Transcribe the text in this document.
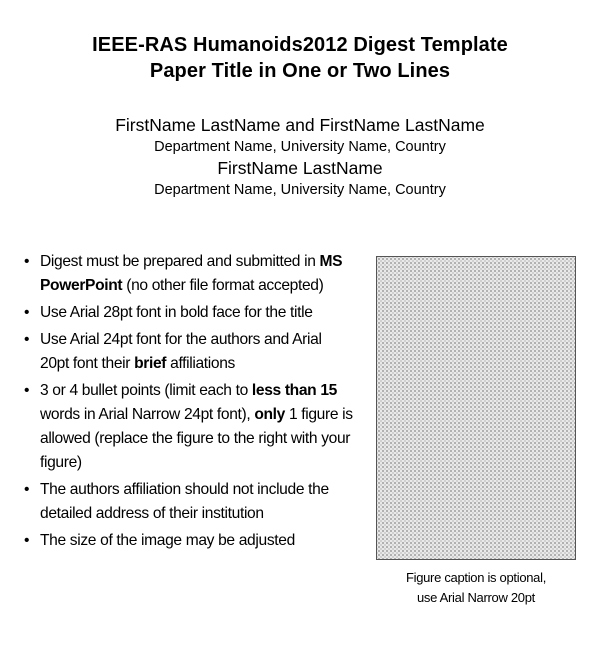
IEEE-RAS Humanoids2012 Digest Template
Paper Title in One or Two Lines
FirstName LastName and FirstName LastName
Department Name, University Name, Country
FirstName LastName
Department Name, University Name, Country
• Digest must be prepared and submitted in MS PowerPoint (no other file format accepted)
• Use Arial 28pt font in bold face for the title
• Use Arial 24pt font for the authors and Arial 20pt font their brief affiliations
• 3 or 4 bullet points (limit each to less than 15 words in Arial Narrow 24pt font), only 1 figure is allowed (replace the figure to the right with your figure)
• The authors affiliation should not include the detailed address of their institution
• The size of the image may be adjusted
Figure caption is optional,
use Arial Narrow 20pt
